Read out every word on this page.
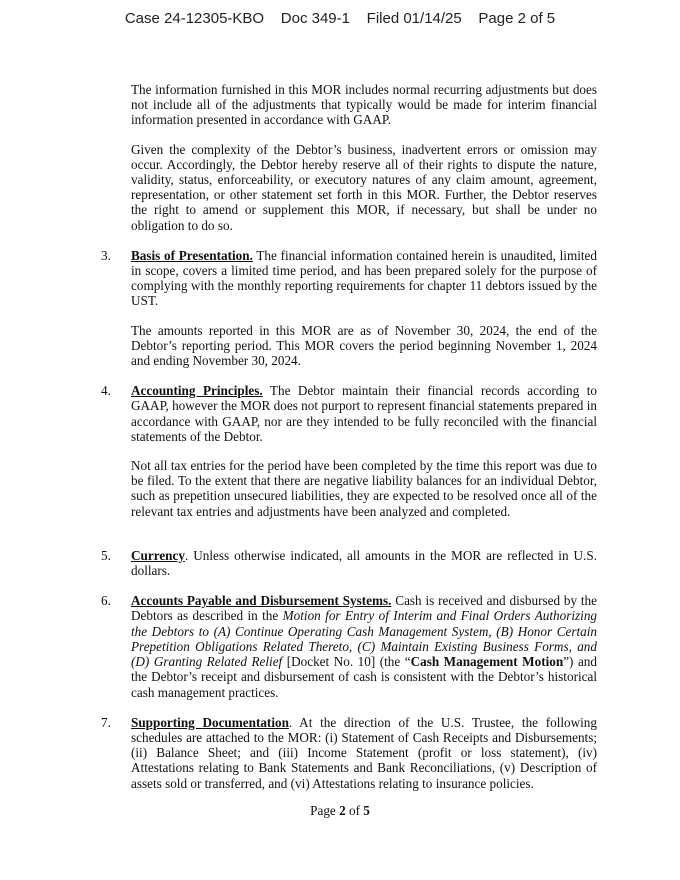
Case 24-12305-KBO Doc 349-1 Filed 01/14/25 Page 2 of 5

The information furnished in this MOR includes normal recurring adjustments but does not include all of the adjustments that typically would be made for interim financial information presented in accordance with GAAP.

Given the complexity of the Debtor’s business, inadvertent errors or omission may occur. Accordingly, the Debtor hereby reserve all of their rights to dispute the nature, validity, status, enforceability, or executory natures of any claim amount, agreement, representation, or other statement set forth in this MOR. Further, the Debtor reserves the right to amend or supplement this MOR, if necessary, but shall be under no obligation to do so.

3. Basis of Presentation. The financial information contained herein is unaudited, limited in scope, covers a limited time period, and has been prepared solely for the purpose of complying with the monthly reporting requirements for chapter 11 debtors issued by the UST.

The amounts reported in this MOR are as of November 30, 2024, the end of the Debtor’s reporting period. This MOR covers the period beginning November 1, 2024 and ending November 30, 2024.

4. Accounting Principles. The Debtor maintain their financial records according to GAAP, however the MOR does not purport to represent financial statements prepared in accordance with GAAP, nor are they intended to be fully reconciled with the financial statements of the Debtor.

Not all tax entries for the period have been completed by the time this report was due to be filed. To the extent that there are negative liability balances for an individual Debtor, such as prepetition unsecured liabilities, they are expected to be resolved once all of the relevant tax entries and adjustments have been analyzed and completed.

5. Currency. Unless otherwise indicated, all amounts in the MOR are reflected in U.S. dollars.

6. Accounts Payable and Disbursement Systems. Cash is received and disbursed by the Debtors as described in the Motion for Entry of Interim and Final Orders Authorizing the Debtors to (A) Continue Operating Cash Management System, (B) Honor Certain Prepetition Obligations Related Thereto, (C) Maintain Existing Business Forms, and (D) Granting Related Relief [Docket No. 10] (the “Cash Management Motion”) and the Debtor’s receipt and disbursement of cash is consistent with the Debtor’s historical cash management practices.

7. Supporting Documentation. At the direction of the U.S. Trustee, the following schedules are attached to the MOR: (i) Statement of Cash Receipts and Disbursements; (ii) Balance Sheet; and (iii) Income Statement (profit or loss statement), (iv) Attestations relating to Bank Statements and Bank Reconciliations, (v) Description of assets sold or transferred, and (vi) Attestations relating to insurance policies.

Page 2 of 5
